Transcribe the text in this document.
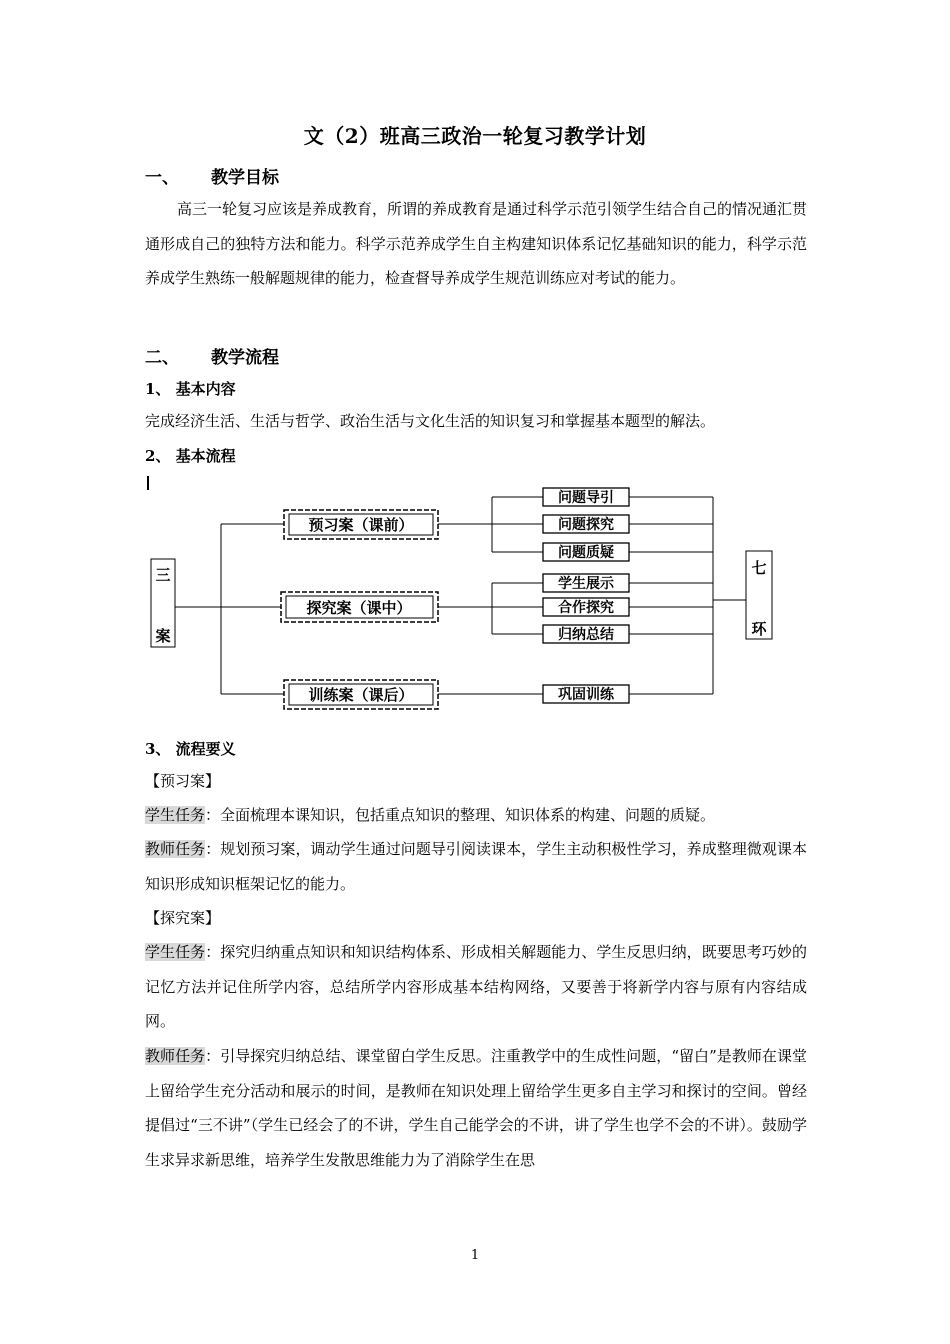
文（2）班高三政治一轮复习教学计划
一、 教学目标
高三一轮复习应该是养成教育，所谓的养成教育是通过科学示范引领学生结合自己的情况通汇贯通形成自己的独特方法和能力。科学示范养成学生自主构建知识体系记忆基础知识的能力，科学示范养成学生熟练一般解题规律的能力，检查督导养成学生规范训练应对考试的能力。
二、 教学流程
1、 基本内容
完成经济生活、生活与哲学、政治生活与文化生活的知识复习和掌握基本题型的解法。
2、 基本流程
三
案
预习案（课前）
探究案（课中）
训练案（课后）
问题导引
问题探究
问题质疑
学生展示
合作探究
归纳总结
巩固训练
七
环
3、 流程要义
【预习案】
学生任务：全面梳理本课知识，包括重点知识的整理、知识体系的构建、问题的质疑。
教师任务：规划预习案，调动学生通过问题导引阅读课本，学生主动积极性学习，养成整理微观课本知识形成知识框架记忆的能力。
【探究案】
学生任务：探究归纳重点知识和知识结构体系、形成相关解题能力、学生反思归纳，既要思考巧妙的记忆方法并记住所学内容，总结所学内容形成基本结构网络，又要善于将新学内容与原有内容结成网。
教师任务：引导探究归纳总结、课堂留白学生反思。注重教学中的生成性问题，“留白”是教师在课堂上留给学生充分活动和展示的时间，是教师在知识处理上留给学生更多自主学习和探讨的空间。曾经提倡过“三不讲”（学生已经会了的不讲，学生自己能学会的不讲，讲了学生也学不会的不讲）。鼓励学生求异求新思维，培养学生发散思维能力为了消除学生在思
1
